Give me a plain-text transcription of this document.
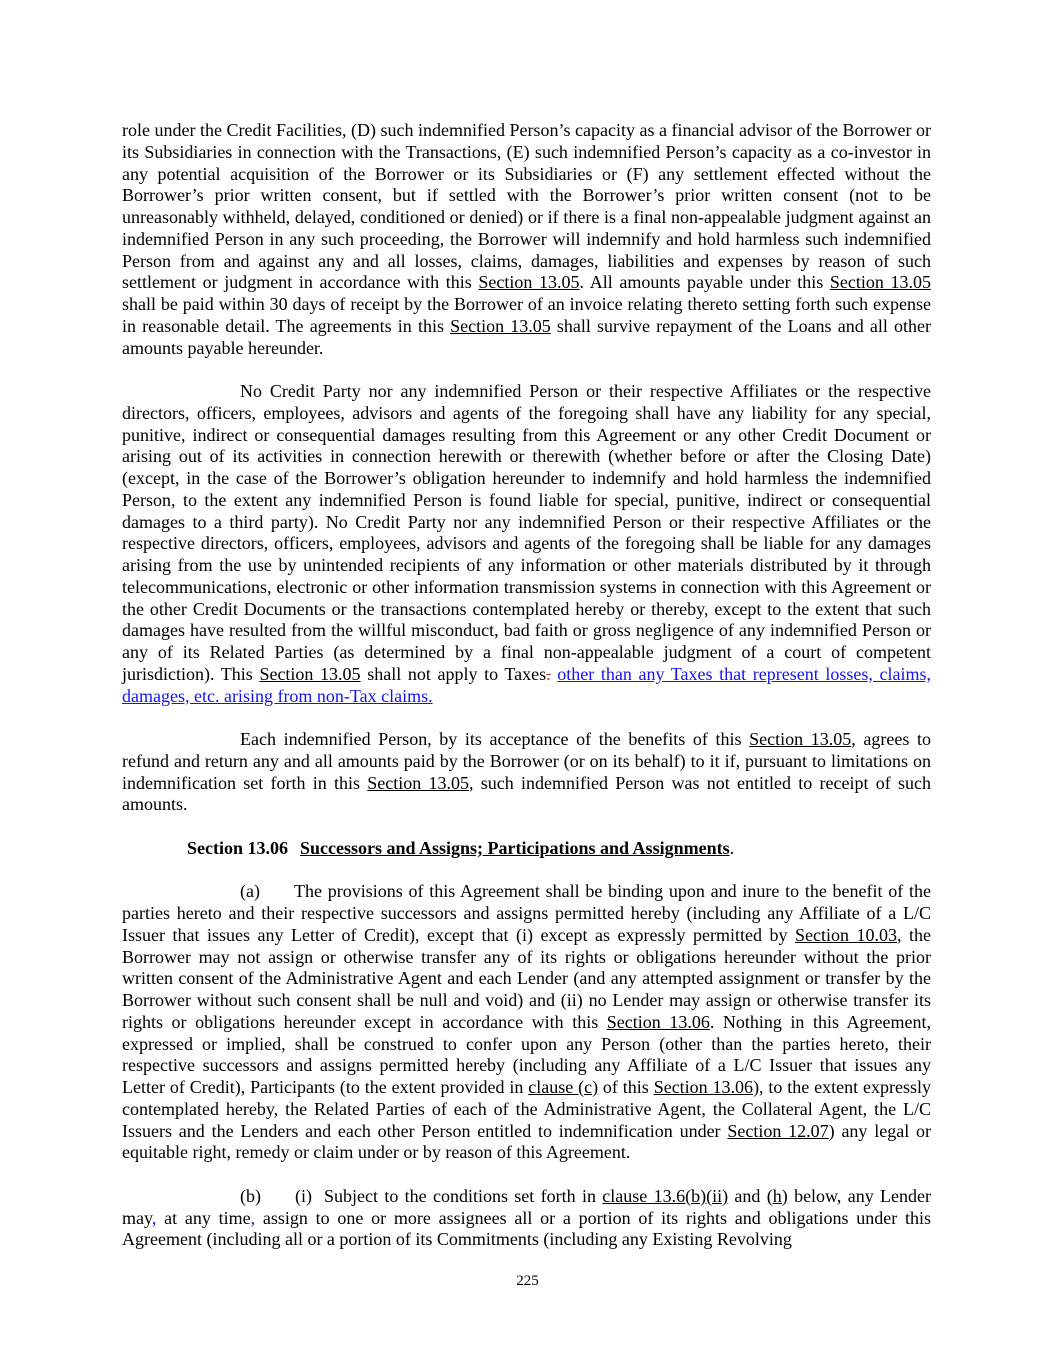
role under the Credit Facilities, (D) such indemnified Person’s capacity as a financial advisor of the Borrower or its Subsidiaries in connection with the Transactions, (E) such indemnified Person’s capacity as a co-investor in any potential acquisition of the Borrower or its Subsidiaries or (F) any settlement effected without the Borrower’s prior written consent, but if settled with the Borrower’s prior written consent (not to be unreasonably withheld, delayed, conditioned or denied) or if there is a final non-appealable judgment against an indemnified Person in any such proceeding, the Borrower will indemnify and hold harmless such indemnified Person from and against any and all losses, claims, damages, liabilities and expenses by reason of such settlement or judgment in accordance with this Section 13.05. All amounts payable under this Section 13.05 shall be paid within 30 days of receipt by the Borrower of an invoice relating thereto setting forth such expense in reasonable detail. The agreements in this Section 13.05 shall survive repayment of the Loans and all other amounts payable hereunder.

No Credit Party nor any indemnified Person or their respective Affiliates or the respective directors, officers, employees, advisors and agents of the foregoing shall have any liability for any special, punitive, indirect or consequential damages resulting from this Agreement or any other Credit Document or arising out of its activities in connection herewith or therewith (whether before or after the Closing Date) (except, in the case of the Borrower’s obligation hereunder to indemnify and hold harmless the indemnified Person, to the extent any indemnified Person is found liable for special, punitive, indirect or consequential damages to a third party). No Credit Party nor any indemnified Person or their respective Affiliates or the respective directors, officers, employees, advisors and agents of the foregoing shall be liable for any damages arising from the use by unintended recipients of any information or other materials distributed by it through telecommunications, electronic or other information transmission systems in connection with this Agreement or the other Credit Documents or the transactions contemplated hereby or thereby, except to the extent that such damages have resulted from the willful misconduct, bad faith or gross negligence of any indemnified Person or any of its Related Parties (as determined by a final non-appealable judgment of a court of competent jurisdiction). This Section 13.05 shall not apply to Taxes. other than any Taxes that represent losses, claims, damages, etc. arising from non-Tax claims.

Each indemnified Person, by its acceptance of the benefits of this Section 13.05, agrees to refund and return any and all amounts paid by the Borrower (or on its behalf) to it if, pursuant to limitations on indemnification set forth in this Section 13.05, such indemnified Person was not entitled to receipt of such amounts.

Section 13.06 Successors and Assigns; Participations and Assignments.

(a) The provisions of this Agreement shall be binding upon and inure to the benefit of the parties hereto and their respective successors and assigns permitted hereby (including any Affiliate of a L/C Issuer that issues any Letter of Credit), except that (i) except as expressly permitted by Section 10.03, the Borrower may not assign or otherwise transfer any of its rights or obligations hereunder without the prior written consent of the Administrative Agent and each Lender (and any attempted assignment or transfer by the Borrower without such consent shall be null and void) and (ii) no Lender may assign or otherwise transfer its rights or obligations hereunder except in accordance with this Section 13.06. Nothing in this Agreement, expressed or implied, shall be construed to confer upon any Person (other than the parties hereto, their respective successors and assigns permitted hereby (including any Affiliate of a L/C Issuer that issues any Letter of Credit), Participants (to the extent provided in clause (c) of this Section 13.06), to the extent expressly contemplated hereby, the Related Parties of each of the Administrative Agent, the Collateral Agent, the L/C Issuers and the Lenders and each other Person entitled to indemnification under Section 12.07) any legal or equitable right, remedy or claim under or by reason of this Agreement.

(b) (i) Subject to the conditions set forth in clause 13.6(b)(ii) and (h) below, any Lender may, at any time, assign to one or more assignees all or a portion of its rights and obligations under this Agreement (including all or a portion of its Commitments (including any Existing Revolving

225
